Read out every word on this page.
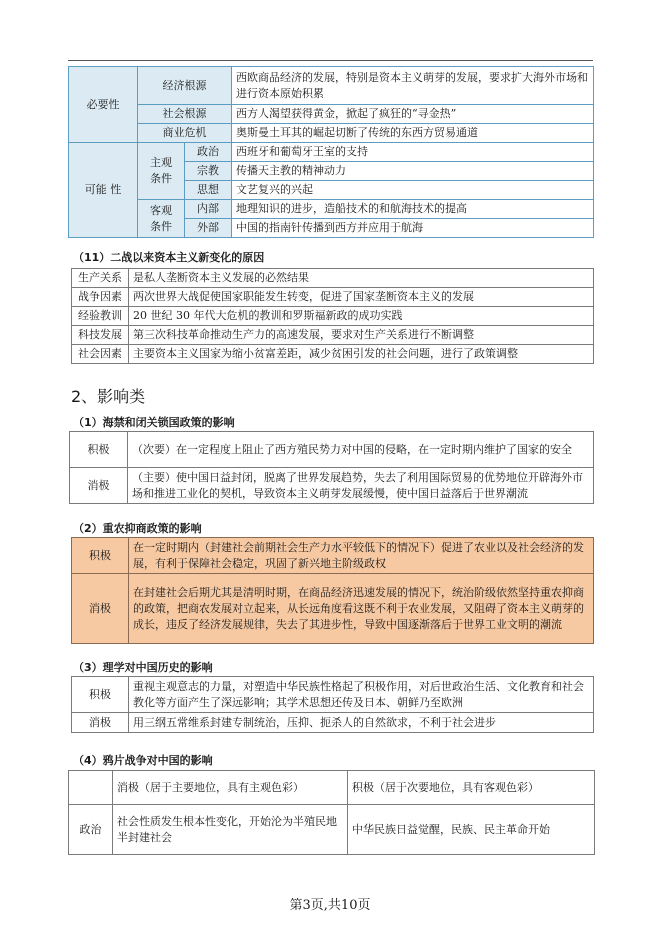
必要性	经济根源		西欧商品经济的发展，特别是资本主义萌芽的发展，要求扩大海外市场和进行资本原始积累
	社会根源		西方人渴望获得黄金，掀起了疯狂的“寻金热”
	商业危机		奥斯曼土耳其的崛起切断了传统的东西方贸易通道
可能 性	主观条件	政治	西班牙和葡萄牙王室的支持
		宗教	传播天主教的精神动力
		思想	文艺复兴的兴起
	客观条件	内部	地理知识的进步，造船技术的和航海技术的提高
		外部	中国的指南针传播到西方并应用于航海
（11）二战以来资本主义新变化的原因
生产关系	是私人垄断资本主义发展的必然结果
战争因素	两次世界大战促使国家职能发生转变，促进了国家垄断资本主义的发展
经验教训	20 世纪 30 年代大危机的教训和罗斯福新政的成功实践
科技发展	第三次科技革命推动生产力的高速发展，要求对生产关系进行不断调整
社会因素	主要资本主义国家为缩小贫富差距，减少贫困引发的社会问题，进行了政策调整
2、影响类
（1）海禁和闭关锁国政策的影响
积极	（次要）在一定程度上阻止了西方殖民势力对中国的侵略，在一定时期内维护了国家的安全
消极	（主要）使中国日益封闭，脱离了世界发展趋势，失去了利用国际贸易的优势地位开辟海外市场和推进工业化的契机，导致资本主义萌芽发展缓慢，使中国日益落后于世界潮流
（2）重农抑商政策的影响
积极	在一定时期内（封建社会前期社会生产力水平较低下的情况下）促进了农业以及社会经济的发展，有利于保障社会稳定，巩固了新兴地主阶级政权
消极	在封建社会后期尤其是清明时期，在商品经济迅速发展的情况下，统治阶级依然坚持重农抑商的政策，把商农发展对立起来，从长远角度看这既不利于农业发展，又阻碍了资本主义萌芽的成长，违反了经济发展规律，失去了其进步性，导致中国逐渐落后于世界工业文明的潮流
（3）理学对中国历史的影响
积极	重视主观意志的力量，对塑造中华民族性格起了积极作用，对后世政治生活、文化教育和社会教化等方面产生了深远影响；其学术思想还传及日本、朝鲜乃至欧洲
消极	用三纲五常维系封建专制统治，压抑、扼杀人的自然欲求，不利于社会进步
（4）鸦片战争对中国的影响
	消极（居于主要地位，具有主观色彩）	积极（居于次要地位，具有客观色彩）
政治	社会性质发生根本性变化，开始沦为半殖民地半封建社会	中华民族日益觉醒，民族、民主革命开始
第3页,共10页
